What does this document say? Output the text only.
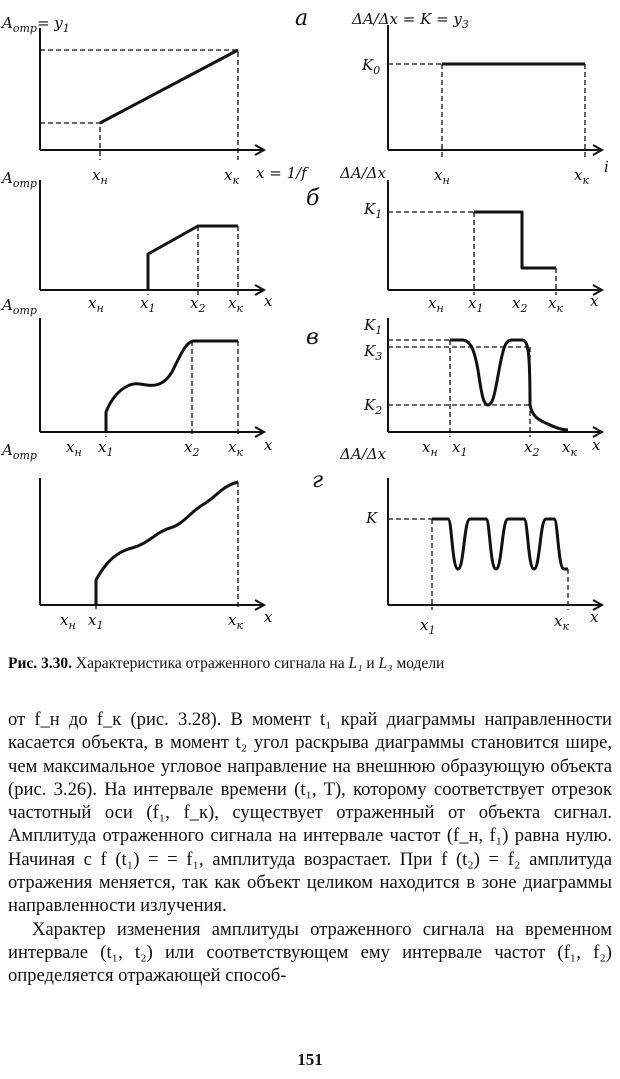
$A_{отр}= y_1$	а
$x_н$	$x_к$ x = 1/f
$\Delta A/\Delta x = K = y_3$
$K_0$
$x_н$	$x_к$
i
$A_{отр}$
б
$x_н$ $x_1$ $x_2$ $x_к$ x
ΔA/Δx
$K_1$
$x_н$ $x_1$ $x_2$ $x_к$ x
$A_{отр}$
в
$x_н$ $x_1$	$x_2$ $x_к$ x	ΔA/Δx
$K_1$
$K_3$
$K_2$
$x_н$ $x_1$	$x_2$ $x_к$ x
$A_{отр}$
г
$x_н$ $x_1$	$x_к$ x
K
$x_1$
$x_к$
x
Рис. 3.30. Характеристика отраженного сигнала на L₁ и L₃ модели

от f_н до f_к (рис. 3.28). В момент t₁ край диаграммы направленности касается объекта, в момент t₂ угол раскрыва диаграммы становится шире, чем максимальное угловое направление на внешнюю образующую объекта (рис. 3.26). На интервале времени (t₁, T), которому соответствует отрезок частотный оси (f₁, f_к), существует отраженный от объекта сигнал. Амплитуда отраженного сигнала на интервале частот (f_н, f₁) равна нулю. Начиная с f (t₁) = = f₁, амплитуда возрастает. При f (t₂) = f₂ амплитуда отражения меняется, так как объект целиком находится в зоне диаграммы направленности излучения.

Характер изменения амплитуды отраженного сигнала на временном интервале (t₁, t₂) или соответствующем ему интервале частот (f₁, f₂) определяется отражающей способ-

151
